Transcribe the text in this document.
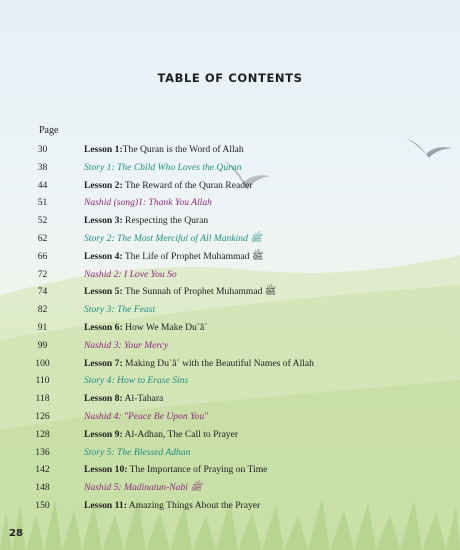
TABLE OF CONTENTS
Page
30	Lesson 1:The Quran is the Word of Allah
38	Story 1: The Child Who Loves the Quran
44	Lesson 2: The Reward of the Quran Reader
51	Nashid (song)1: Thank You Allah
52	Lesson 3: Respecting the Quran
62	Story 2: The Most Merciful of All Mankind ﷺ
66	Lesson 4: The Life of Prophet Muhammad ﷺ
72	Nashid 2: I Love You So
74	Lesson 5: The Sunnah of Prophet Muhammad ﷺ
82	Story 3: The Feast
91	Lesson 6: How We Make Du`â´
99	Nashid 3: Your Mercy
100	Lesson 7: Making Du`â´ with the Beautiful Names of Allah
110	Story 4: How to Erase Sins
118	Lesson 8: Al-Tahara
126	Nashid 4: "Peace Be Upon You"
128	Lesson 9: Al-Adhan, The Call to Prayer
136	Story 5: The Blessed Adhan
142	Lesson 10: The Importance of Praying on Time
148	Nashid 5: Madinatun-Nabi ﷺ
150	Lesson 11: Amazing Things About the Prayer
28
